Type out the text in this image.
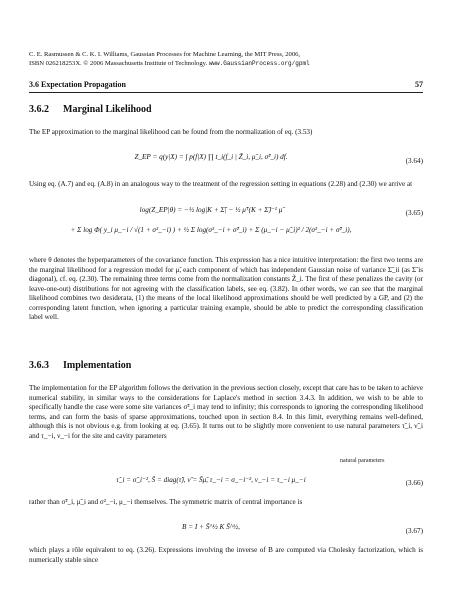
C. E. Rasmussen & C. K. I. Williams, Gaussian Processes for Machine Learning, the MIT Press, 2006,
ISBN 026218253X. © 2006 Massachusetts Institute of Technology. www.GaussianProcess.org/gpml
3.6 Expectation Propagation	57
3.6.2 Marginal Likelihood
The EP approximation to the marginal likelihood can be found from the normalization of eq. (3.53)
Z_EP = q(y|X) = ∫ p(f|X) ∏ t_i(f_i | Z̃_i, μ̃_i, σ̃²_i) df.	(3.64)
Using eq. (A.7) and eq. (A.8) in an analogous way to the treatment of the regression setting in equations (2.28) and (2.30) we arrive at
log(Z_EP|θ) = −½ log|K + Σ̃| − ½ μ̃ᵀ(K + Σ̃)⁻¹ μ̃	(3.65)
+ Σ log Φ( y_i μ_−i / √(1 + σ²_−i) ) + ½ Σ log(σ²_−i + σ̃²_i) + Σ (μ_−i − μ̃_i)² / 2(σ²_−i + σ̃²_i),
where θ denotes the hyperparameters of the covariance function. This expression has a nice intuitive interpretation: the first two terms are the marginal likelihood for a regression model for μ̃, each component of which has independent Gaussian noise of variance Σ̃_ii (as Σ̃ is diagonal), cf. eq. (2.30). The remaining three terms come from the normalization constants Z̃_i. The first of these penalizes the cavity (or leave-one-out) distributions for not agreeing with the classification labels, see eq. (3.82). In other words, we can see that the marginal likelihood combines two desiderata, (1) the means of the local likelihood approximations should be well predicted by a GP, and (2) the corresponding latent function, when ignoring a particular training example, should be able to predict the corresponding classification label well.
3.6.3 Implementation
The implementation for the EP algorithm follows the derivation in the previous section closely, except that care has to be taken to achieve numerical stability, in similar ways to the considerations for Laplace's method in section 3.4.3. In addition, we wish to be able to specifically handle the case were some site variances σ̃²_i may tend to infinity; this corresponds to ignoring the corresponding likelihood terms, and can form the basis of sparse approximations, touched upon in section 8.4. In this limit, everything remains well-defined, although this is not obvious e.g. from looking at eq. (3.65). It turns out to be slightly more convenient to use natural parameters τ̃_i, ν̃_i and τ_−i, ν_−i for the site and cavity parameters
natural parameters
τ̃_i = σ̃_i⁻², S̃ = diag(τ̃), ν̃ = S̃μ̃, τ_−i = σ_−i⁻², ν_−i = τ_−i μ_−i	(3.66)
rather than σ̃²_i, μ̃_i and σ²_−i, μ_−i themselves. The symmetric matrix of central importance is
B = I + S̃^½ K S̃^½,	(3.67)
which plays a rôle equivalent to eq. (3.26). Expressions involving the inverse of B are computed via Cholesky factorization, which is numerically stable since
